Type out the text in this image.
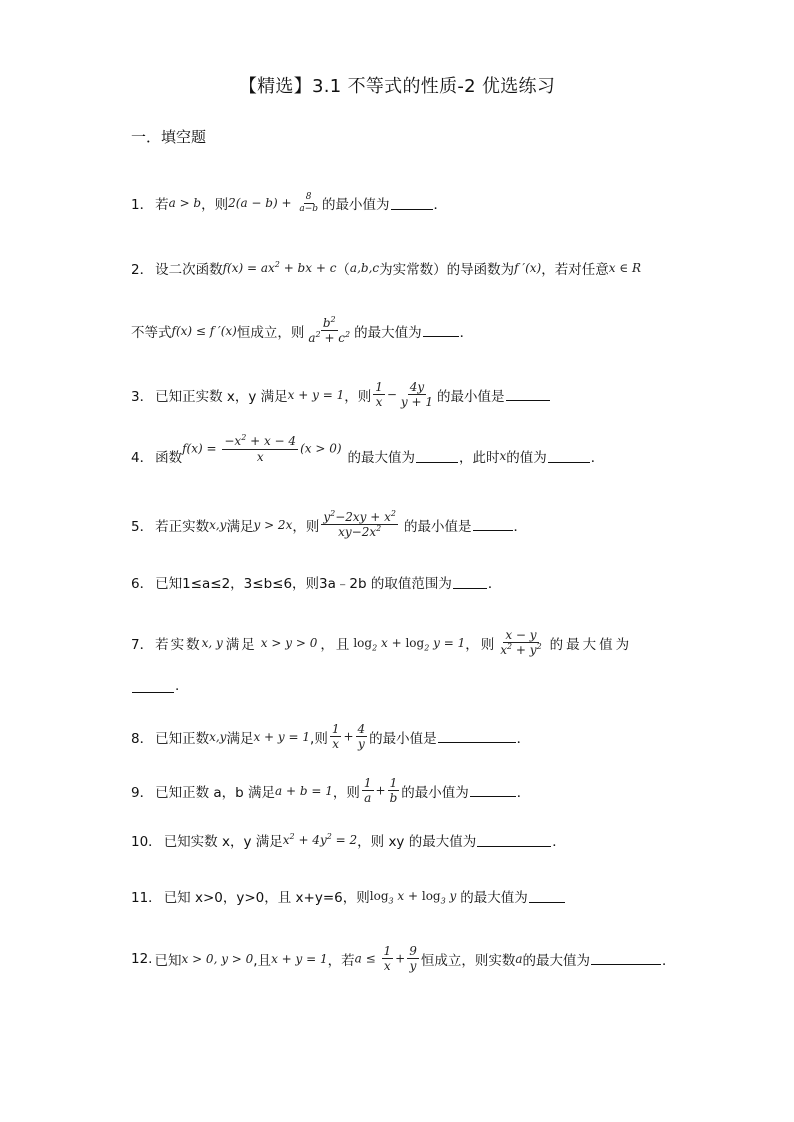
【精选】3.1 不等式的性质-2 优选练习
一．填空题
1． 若 a > b ，则 $2(a - b) + \frac{8}{a-b}$ 的最小值为	．
2． 设二次函数 $f(x) = ax^2$ + bx + c （ a,b,c 为实常数）的导函数为 f ′(x) ，若对任意 x ∈ R
不等式 f(x) ≤ f ′(x) 恒成立，则 $\frac{b^2}{a^2 + c^2}$ 的最大值为	．
3． 已知正实数 x，y 满足 x + y = 1 ，则 $\frac{1}{x} - \frac{4y}{y + 1}$ 的最小值是
4． 函数
$f(x) = \frac{-x^2 + x - 4}{x} (x > 0)$
的最大值为	，此时 x 的值为	．
5． 若正实数 x,y 满足 y > 2x ，则 $\frac{y^2-2xy + x^2}{xy-2x^2}$ 的最小值是	．
6． 已知1≤a≤2，3≤b≤6，则3a﹣2b 的取值范围为	．
7． 若实数 x, y 满足 x > y > 0 ，且 $\log_2 x + \log_2 y = 1$ ，则 $\frac{x - y}{x^2 + y^2}$ 的最大值为
.
8． 已知正数 x,y 满足 x + y = 1 ,则 $\frac{1}{x} + \frac{4}{y}$ 的最小值是	．
9． 已知正数 a，b 满足 a + b = 1 ，则 $\frac{1}{a} + \frac{1}{b}$ 的最小值为	．
10． 已知实数 x，y 满足 $x^2 + 4y^2 = 2$ ，则 xy 的最大值为	．
11． 已知 x>0，y>0，且 x+y=6，则 $\log_3 x + \log_3 y$ 的最大值为
12. 已知 x > 0, y > 0 ,且 x + y = 1 ，若 $a \le \frac{1}{x} + \frac{9}{y}$ 恒成立，则实数 a 的最大值为	．
